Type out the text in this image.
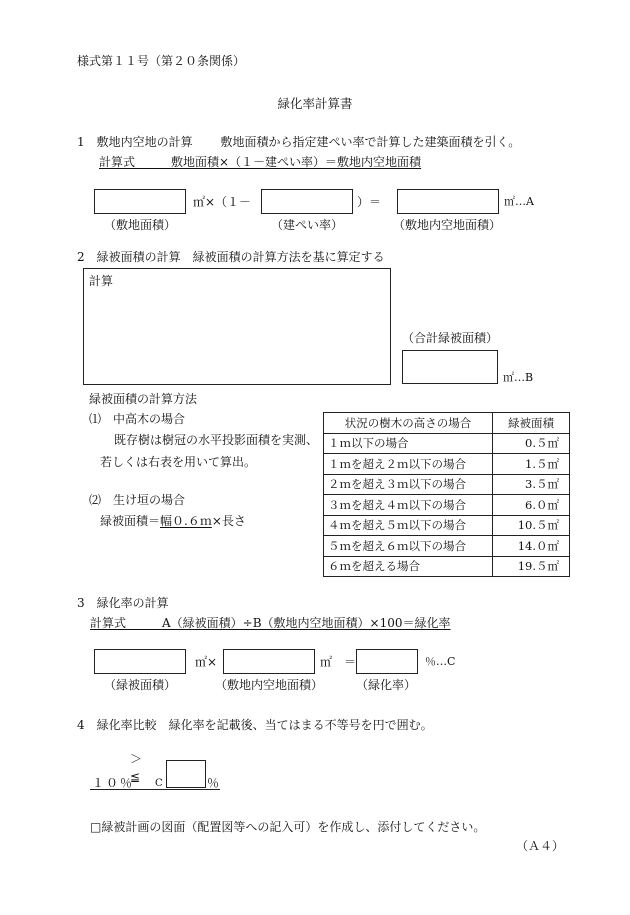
様式第１１号（第２０条関係）
緑化率計算書
1　敷地内空地の計算　　 敷地面積から指定建ぺい率で計算した建築面積を引く。
計算式　　　敷地面積×（１－建ぺい率）＝敷地内空地面積
㎡×（１－	）＝	㎡…A
（敷地面積）	（建ぺい率）	（敷地内空地面積）
2　緑被面積の計算　緑被面積の計算方法を基に算定する
計算
（合計緑被面積）
㎡…B
緑被面積の計算方法
⑴　中高木の場合
既存樹は樹冠の水平投影面積を実測、
若しくは右表を用いて算出。
⑵　生け垣の場合
緑被面積＝幅０.６ｍ×長さ
状況の樹木の高さの場合	緑被面積
１ｍ以下の場合	0.５㎡
１ｍを超え２ｍ以下の場合	1.５㎡
２ｍを超え３ｍ以下の場合	3.５㎡
３ｍを超え４ｍ以下の場合	6.０㎡
４ｍを超え５ｍ以下の場合	10.５㎡
５ｍを超え６ｍ以下の場合	14.０㎡
６ｍを超える場合	19.５㎡
3　緑化率の計算
計算式　　　A（緑被面積）÷B（敷地内空地面積）×100＝緑化率
㎡×	㎡　＝	％…C
（緑被面積）	（敷地内空地面積）	（緑化率）
4　緑化率比較　緑化率を記載後、当てはまる不等号を円で囲む。
＞
≦
１０％ C	％
□緑被計画の図面（配置図等への記入可）を作成し、添付してください。
（Ａ４）
